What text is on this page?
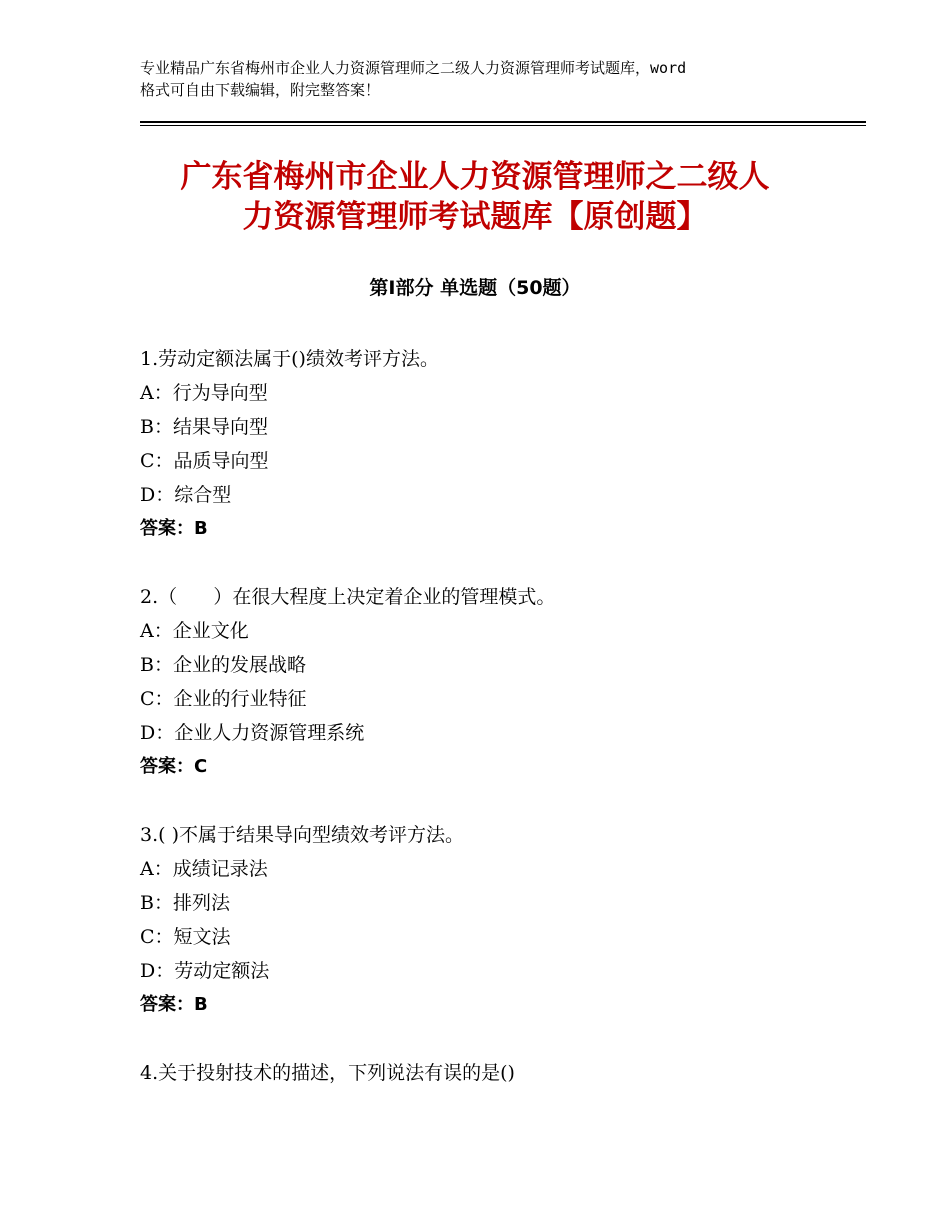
专业精品广东省梅州市企业人力资源管理师之二级人力资源管理师考试题库，word
格式可自由下载编辑，附完整答案！
广东省梅州市企业人力资源管理师之二级人
力资源管理师考试题库【原创题】
第Ⅰ部分 单选题（50题）
1.劳动定额法属于()绩效考评方法。
A：行为导向型
B：结果导向型
C：品质导向型
D：综合型
答案：B
2.（      ）在很大程度上决定着企业的管理模式。
A：企业文化
B：企业的发展战略
C：企业的行业特征
D：企业人力资源管理系统
答案：C
3.( )不属于结果导向型绩效考评方法。
A：成绩记录法
B：排列法
C：短文法
D：劳动定额法
答案：B
4.关于投射技术的描述，下列说法有误的是()
